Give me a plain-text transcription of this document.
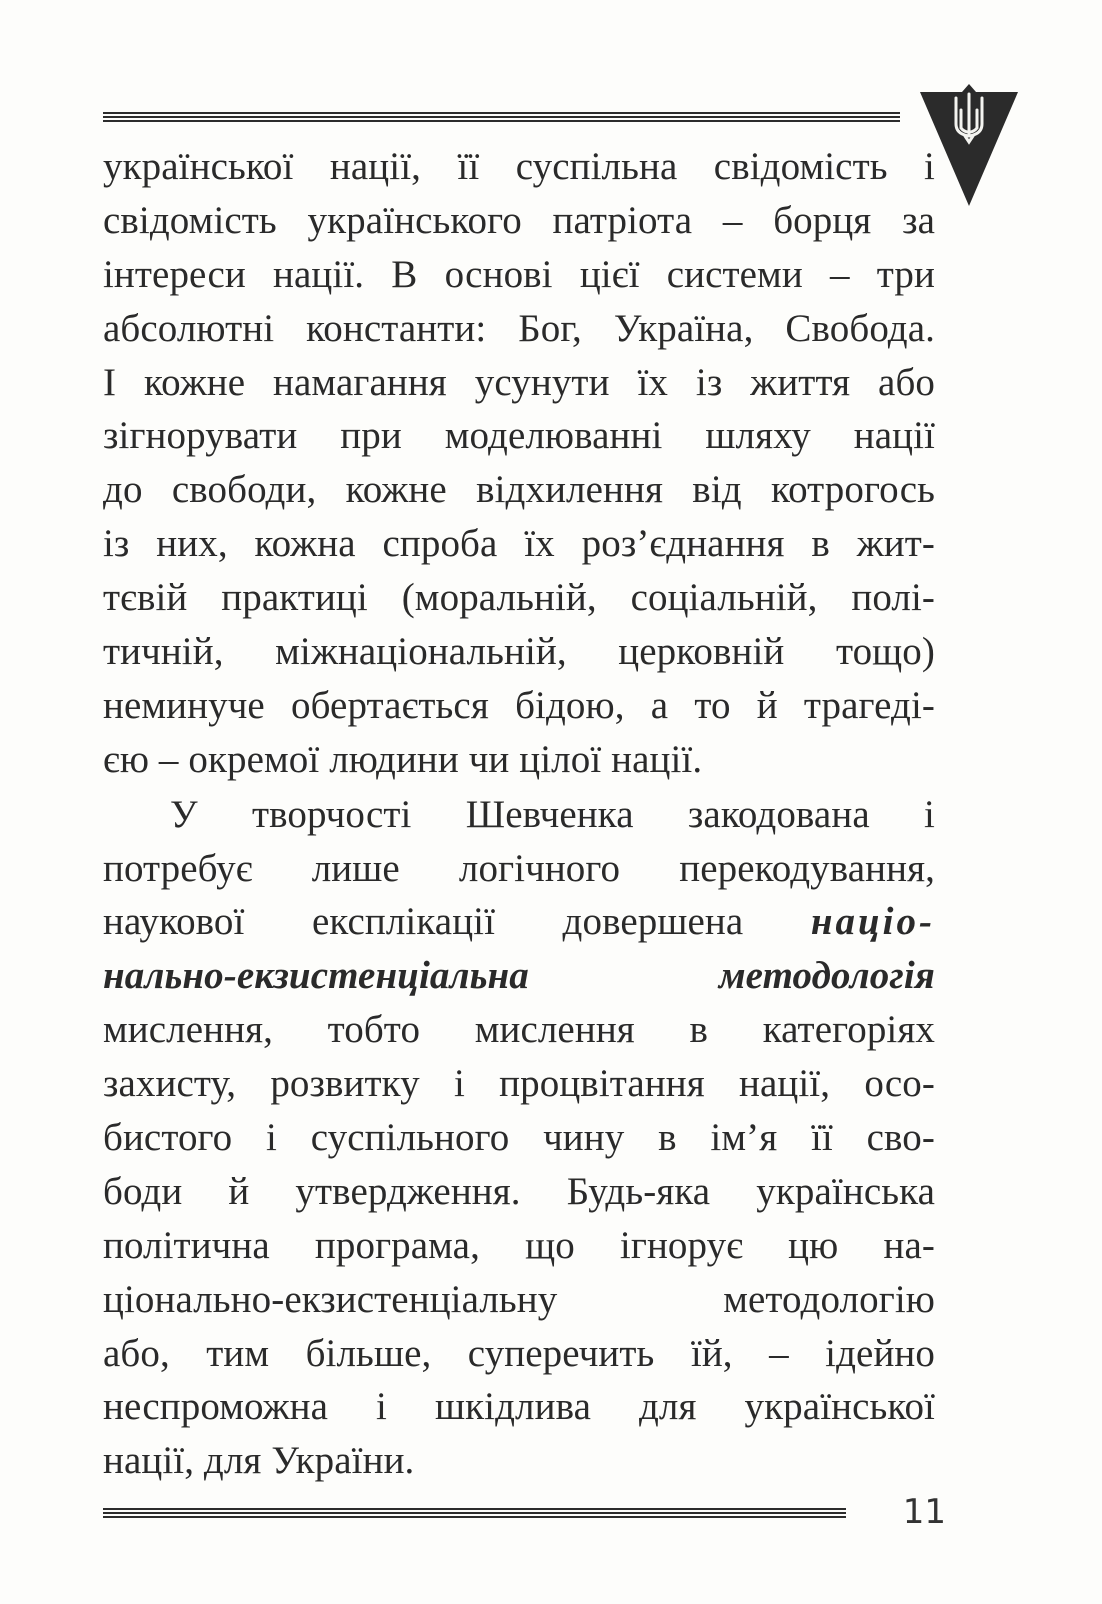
української нації, її суспільна свідомість і
свідомість українського патріота – борця за
інтереси нації. В основі цієї системи – три
абсолютні константи: Бог, Україна, Свобода.
І кожне намагання усунути їх із життя або
зігнорувати при моделюванні шляху нації
до свободи, кожне відхилення від котрогось
із них, кожна спроба їх роз’єднання в жит-
тєвій практиці (моральній, соціальній, полі-
тичній, міжнаціональній, церковній тощо)
неминуче обертається бідою, а то й трагеді-
єю – окремої людини чи цілої нації.
У творчості Шевченка закодована і
потребує лише логічного перекодування,
наукової експлікації довершена націо-
нально-екзистенціальна	методологія
мислення, тобто мислення в категоріях
захисту, розвитку і процвітання нації, осо-
бистого і суспільного чину в ім’я її сво-
боди й утвердження. Будь-яка українська
політична програма, що ігнорує цю на-
ціонально-екзистенціальну методологію
або, тим більше, суперечить їй, – ідейно
неспроможна і шкідлива для української
нації, для України.
11
